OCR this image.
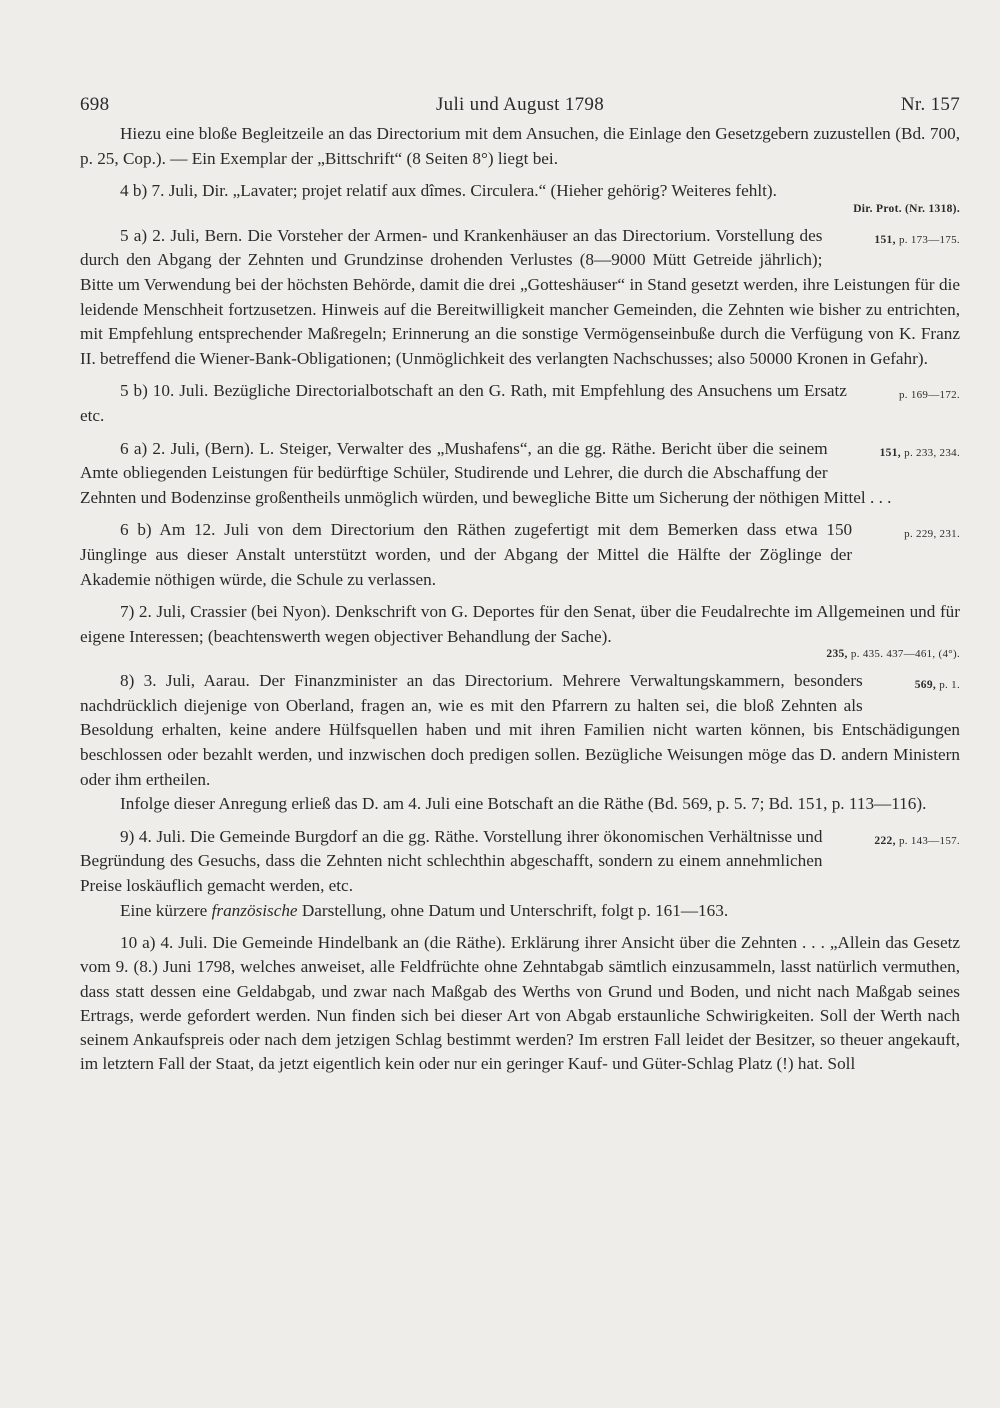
698	Juli und August 1798	Nr. 157

Hiezu eine bloße Begleitzeile an das Directorium mit dem Ansuchen, die Einlage den Gesetzgebern zuzustellen (Bd. 700, p. 25, Cop.). — Ein Exemplar der „Bittschrift“ (8 Seiten 8°) liegt bei.

4 b) 7. Juli, Dir. „Lavater; projet relatif aux dîmes. Circulera.“ (Hieher gehörig? Weiteres fehlt).

Dir. Prot. (Nr. 1318).

151, p. 173—175.
5 a) 2. Juli, Bern. Die Vorsteher der Armen- und Krankenhäuser an das Directorium. Vorstellung des durch den Abgang der Zehnten und Grundzinse drohenden Verlustes (8—9000 Mütt Getreide jährlich); Bitte um Verwendung bei der höchsten Behörde, damit die drei „Gotteshäuser“ in Stand gesetzt werden, ihre Leistungen für die leidende Menschheit fortzusetzen. Hinweis auf die Bereitwilligkeit mancher Gemeinden, die Zehnten wie bisher zu entrichten, mit Empfehlung entsprechender Maßregeln; Erinnerung an die sonstige Vermögenseinbuße durch die Verfügung von K. Franz II. betreffend die Wiener-Bank-Obligationen; (Unmöglichkeit des verlangten Nachschusses; also 50000 Kronen in Gefahr).

p. 169—172.
5 b) 10. Juli. Bezügliche Directorialbotschaft an den G. Rath, mit Empfehlung des Ansuchens um Ersatz etc.

151, p. 233, 234.
6 a) 2. Juli, (Bern). L. Steiger, Verwalter des „Mushafens“, an die gg. Räthe. Bericht über die seinem Amte obliegenden Leistungen für bedürftige Schüler, Studirende und Lehrer, die durch die Abschaffung der Zehnten und Bodenzinse großentheils unmöglich würden, und bewegliche Bitte um Sicherung der nöthigen Mittel . . .

p. 229, 231.
6 b) Am 12. Juli von dem Directorium den Räthen zugefertigt mit dem Bemerken dass etwa 150 Jünglinge aus dieser Anstalt unterstützt worden, und der Abgang der Mittel die Hälfte der Zöglinge der Akademie nöthigen würde, die Schule zu verlassen.

7) 2. Juli, Crassier (bei Nyon). Denkschrift von G. Deportes für den Senat, über die Feudalrechte im Allgemeinen und für eigene Interessen; (beachtenswerth wegen objectiver Behandlung der Sache).

235, p. 435. 437—461, (4°).

569, p. 1.
8) 3. Juli, Aarau. Der Finanzminister an das Directorium. Mehrere Verwaltungskammern, besonders nachdrücklich diejenige von Oberland, fragen an, wie es mit den Pfarrern zu halten sei, die bloß Zehnten als Besoldung erhalten, keine andere Hülfsquellen haben und mit ihren Familien nicht warten können, bis Entschädigungen beschlossen oder bezahlt werden, und inzwischen doch predigen sollen. Bezügliche Weisungen möge das D. andern Ministern oder ihm ertheilen.

Infolge dieser Anregung erließ das D. am 4. Juli eine Botschaft an die Räthe (Bd. 569, p. 5. 7; Bd. 151, p. 113—116).

222, p. 143—157.
9) 4. Juli. Die Gemeinde Burgdorf an die gg. Räthe. Vorstellung ihrer ökonomischen Verhältnisse und Begründung des Gesuchs, dass die Zehnten nicht schlechthin abgeschafft, sondern zu einem annehmlichen Preise loskäuflich gemacht werden, etc.

Eine kürzere französische Darstellung, ohne Datum und Unterschrift, folgt p. 161—163.

10 a) 4. Juli. Die Gemeinde Hindelbank an (die Räthe). Erklärung ihrer Ansicht über die Zehnten . . . „Allein das Gesetz vom 9. (8.) Juni 1798, welches anweiset, alle Feldfrüchte ohne Zehntabgab sämtlich einzusammeln, lasst natürlich vermuthen, dass statt dessen eine Geldabgab, und zwar nach Maßgab des Werths von Grund und Boden, und nicht nach Maßgab seines Ertrags, werde gefordert werden. Nun finden sich bei dieser Art von Abgab erstaunliche Schwirigkeiten. Soll der Werth nach seinem Ankaufspreis oder nach dem jetzigen Schlag bestimmt werden? Im erstren Fall leidet der Besitzer, so theuer angekauft, im letztern Fall der Staat, da jetzt eigentlich kein oder nur ein geringer Kauf- und Güter-Schlag Platz (!) hat. Soll
